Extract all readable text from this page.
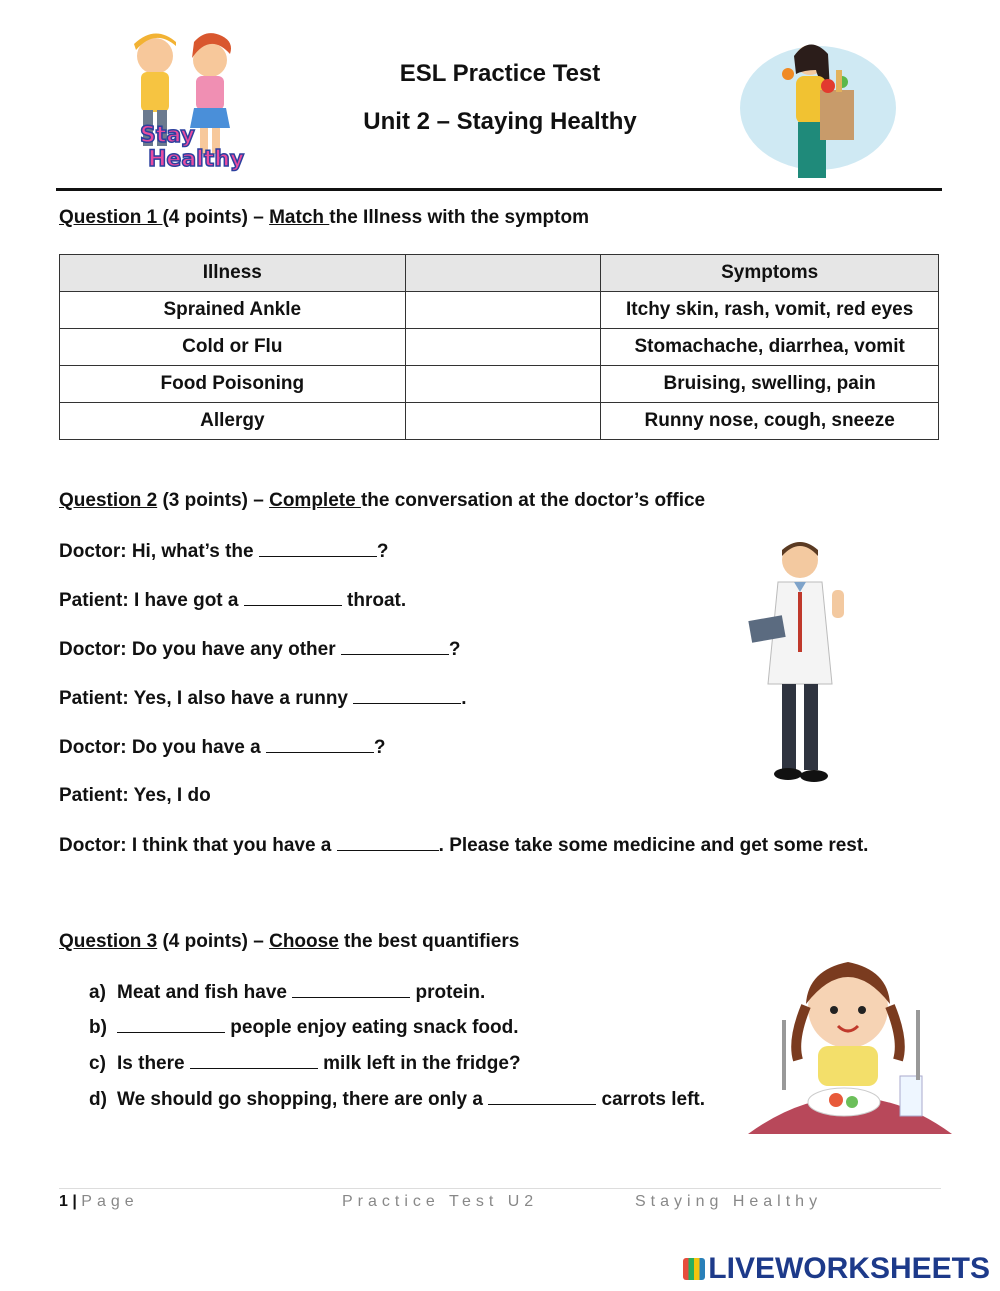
Stay
Healthy
ESL Practice Test
Unit 2 – Staying Healthy
Question 1 (4 points) – Match the Illness with the symptom
Illness		Symptoms
Sprained Ankle		Itchy skin, rash, vomit, red eyes
Cold or Flu		Stomachache, diarrhea, vomit
Food Poisoning		Bruising, swelling, pain
Allergy		Runny nose, cough, sneeze
Question 2 (3 points) – Complete the conversation at the doctor’s office
Doctor: Hi, what’s the	?
Patient: I have got a	throat.
Doctor: Do you have any other	?
Patient: Yes, I also have a runny	.
Doctor: Do you have a	?
Patient: Yes, I do
Doctor: I think that you have a	. Please take some medicine and get some rest.
Question 3 (4 points) – Choose the best quantifiers
a) Meat and fish have	protein.
b)	people enjoy eating snack food.
c) Is there	milk left in the fridge?
d) We should go shopping, there are only a	carrots left.
1 | Page	Practice Test U2	Staying Healthy
LIVEWORKSHEETS
